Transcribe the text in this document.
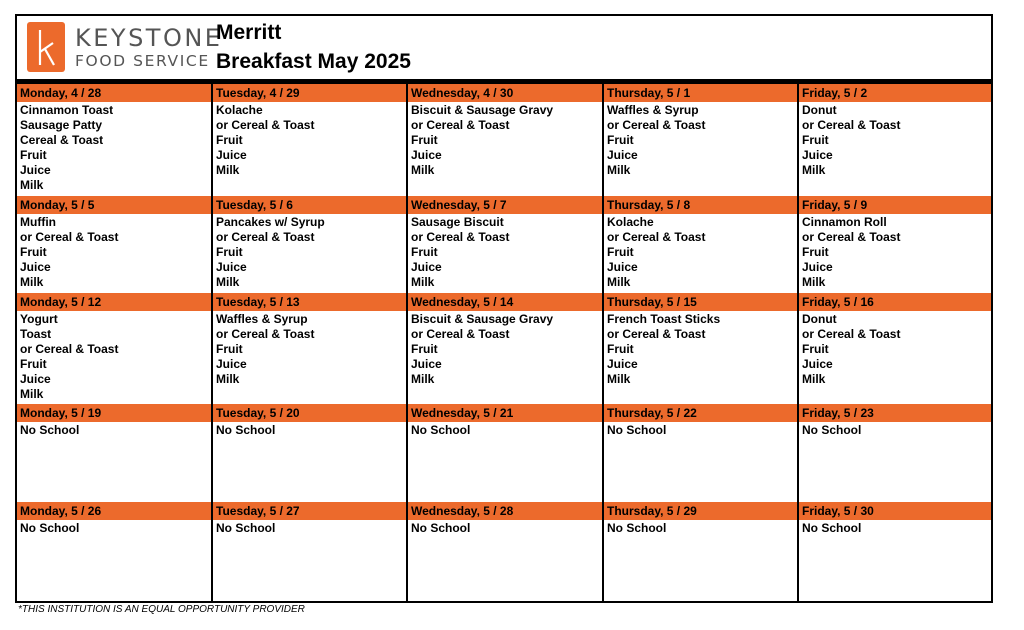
KEYSTONE
FOOD SERVICE
Merritt
Breakfast May 2025
Monday, 4 / 28
Cinnamon Toast
Sausage Patty
Cereal & Toast
Fruit
Juice
Milk
Tuesday, 4 / 29
Kolache
or Cereal & Toast
Fruit
Juice
Milk
Wednesday, 4 / 30
Biscuit & Sausage Gravy
or Cereal & Toast
Fruit
Juice
Milk
Thursday, 5 / 1
Waffles & Syrup
or Cereal & Toast
Fruit
Juice
Milk
Friday, 5 / 2
Donut
or Cereal & Toast
Fruit
Juice
Milk
Monday, 5 / 5
Muffin
or Cereal & Toast
Fruit
Juice
Milk
Tuesday, 5 / 6
Pancakes w/ Syrup
or Cereal & Toast
Fruit
Juice
Milk
Wednesday, 5 / 7
Sausage Biscuit
or Cereal & Toast
Fruit
Juice
Milk
Thursday, 5 / 8
Kolache
or Cereal & Toast
Fruit
Juice
Milk
Friday, 5 / 9
Cinnamon Roll
or Cereal & Toast
Fruit
Juice
Milk
Monday, 5 / 12
Yogurt
Toast
or Cereal & Toast
Fruit
Juice
Milk
Tuesday, 5 / 13
Waffles & Syrup
or Cereal & Toast
Fruit
Juice
Milk
Wednesday, 5 / 14
Biscuit & Sausage Gravy
or Cereal & Toast
Fruit
Juice
Milk
Thursday, 5 / 15
French Toast Sticks
or Cereal & Toast
Fruit
Juice
Milk
Friday, 5 / 16
Donut
or Cereal & Toast
Fruit
Juice
Milk
Monday, 5 / 19
No School
Tuesday, 5 / 20
No School
Wednesday, 5 / 21
No School
Thursday, 5 / 22
No School
Friday, 5 / 23
No School
Monday, 5 / 26
No School
Tuesday, 5 / 27
No School
Wednesday, 5 / 28
No School
Thursday, 5 / 29
No School
Friday, 5 / 30
No School
*THIS INSTITUTION IS AN EQUAL OPPORTUNITY PROVIDER
